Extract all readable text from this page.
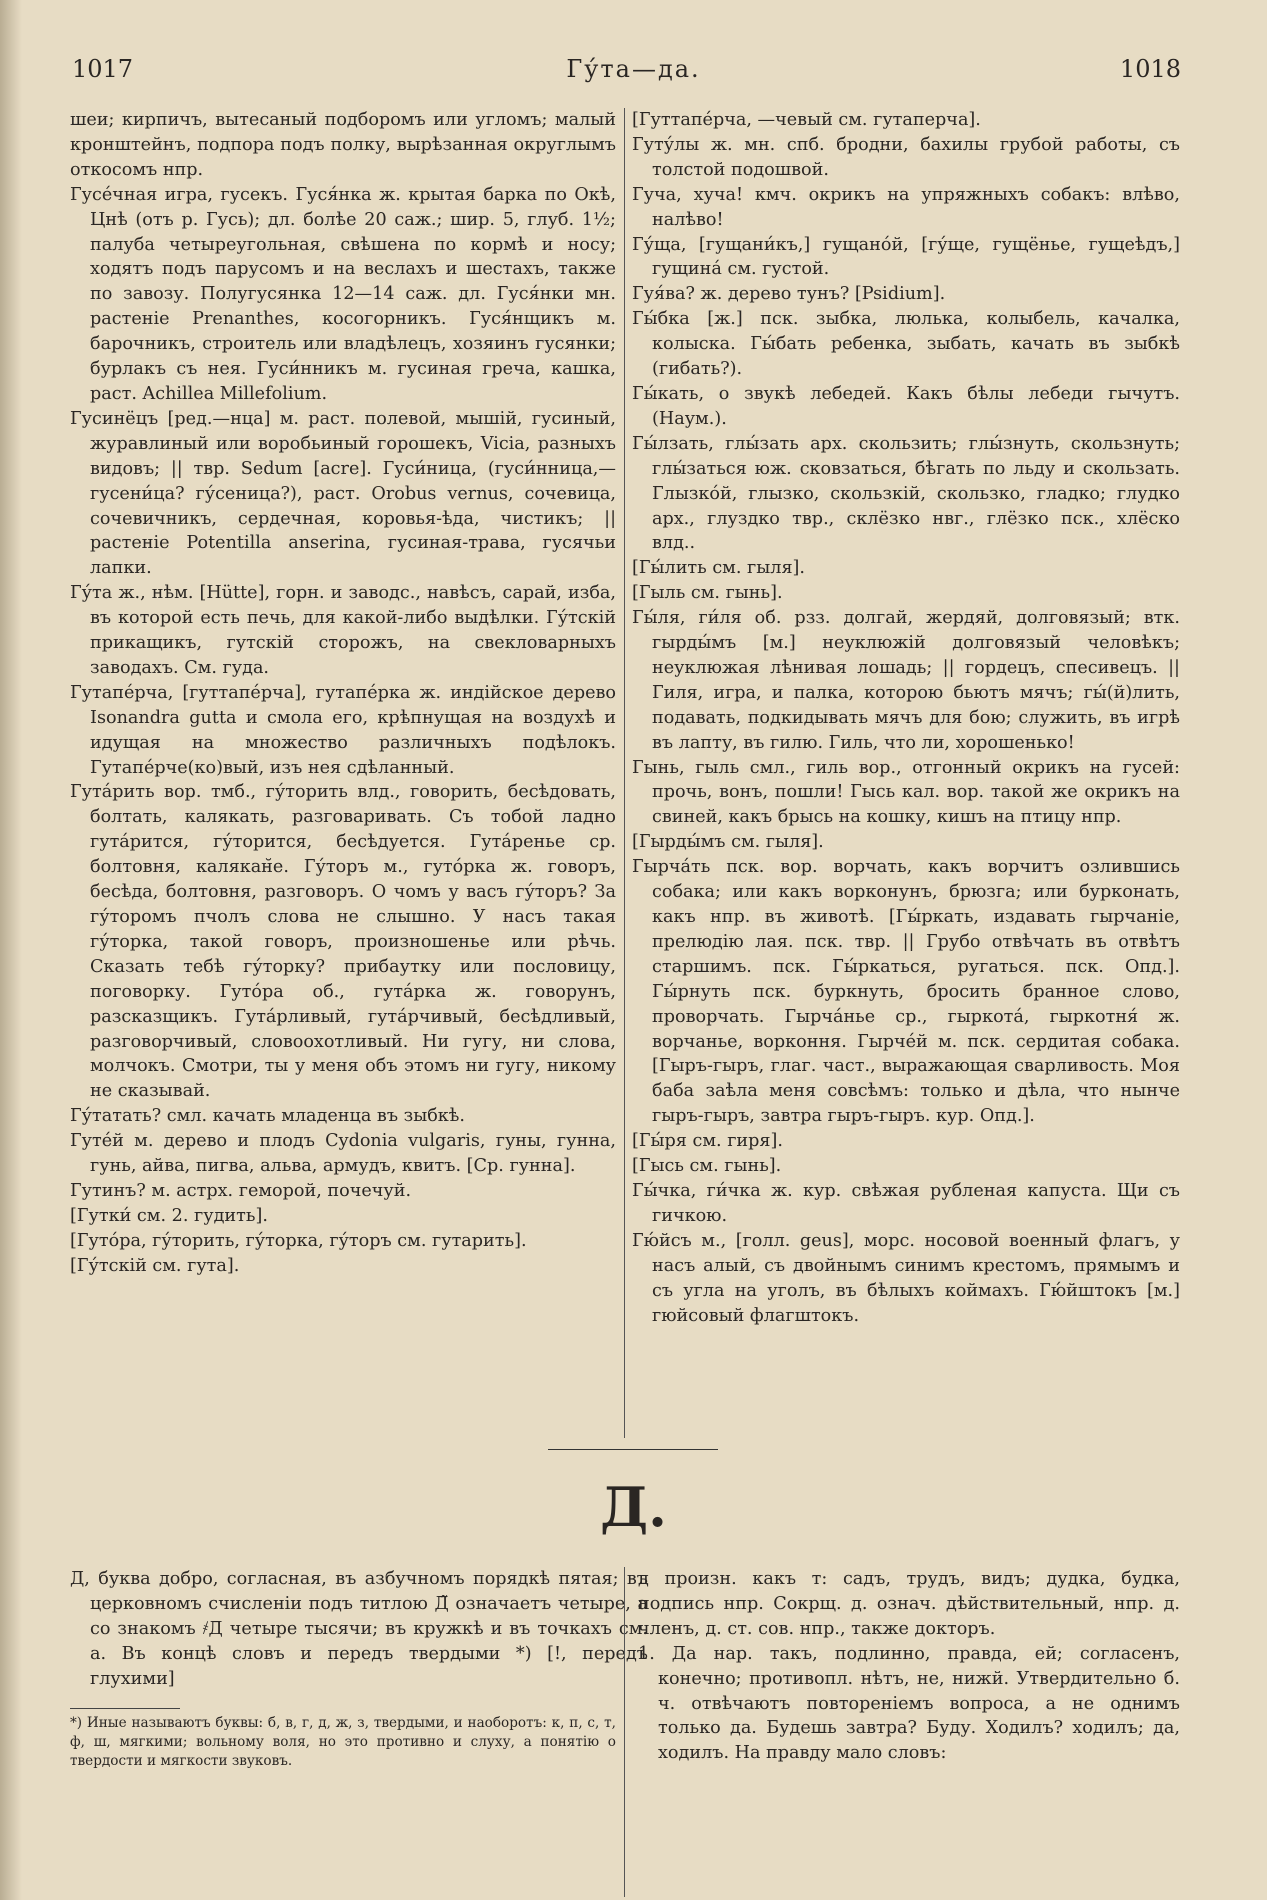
1017	Гу́та—да.	1018

шеи; кирпичъ, вытесаный подборомъ или угломъ; малый кронштейнъ, подпора подъ полку, вырѣзанная округлымъ откосомъ нпр.

Гусе́чная игра, гусекъ. Гуся́нка ж. крытая барка по Окѣ, Цнѣ (отъ р. Гусь); дл. болѣе 20 саж.; шир. 5, глуб. 1½; палуба четыреугольная, свѣшена по кормѣ и носу; ходятъ подъ парусомъ и на веслахъ и шестахъ, также по завозу. Полугусянка 12—14 саж. дл. Гуся́нки мн. растеніе Prenanthes, косогорникъ. Гуся́нщикъ м. барочникъ, строитель или владѣлецъ, хозяинъ гусянки; бурлакъ съ нея. Гуси́нникъ м. гусиная греча, кашка, раст. Achillea Millefolium.

Гусинёцъ [ред.—нца] м. раст. полевой, мышій, гусиный, журавлиный или воробьиный горошекъ, Vicia, разныхъ видовъ; || твр. Sedum [acre]. Гуси́ница, (гуси́нница,—гусени́ца? гу́сеница?), раст. Orobus vernus, сочевица, сочевичникъ, сердечная, коровья-ѣда, чистикъ; || растеніе Potentilla anserina, гусиная-трава, гусячьи лапки.

Гу́та ж., нѣм. [Hütte], горн. и заводс., навѣсъ, сарай, изба, въ которой есть печь, для какой-либо выдѣлки. Гу́тскій прикащикъ, гутскій сторожъ, на свекловарныхъ заводахъ. См. гуда.

Гутапе́рча, [гуттапе́рча], гутапе́рка ж. индійское дерево Isonandra gutta и смола его, крѣпнущая на воздухѣ и идущая на множество различныхъ подѣлокъ. Гутапе́рче(ко)вый, изъ нея сдѣланный.

Гута́рить вор. тмб., гу́торить влд., говорить, бесѣдовать, болтать, калякать, разговаривать. Съ тобой ладно гута́рится, гу́торится, бесѣдуется. Гута́ренье ср. болтовня, калякан̆е. Гу́торъ м., гуто́рка ж. говоръ, бесѣда, болтовня, разговоръ. О чомъ у васъ гу́торъ? За гу́торомъ пчолъ слова не слышно. У насъ такая гу́торка, такой говоръ, произношенье или рѣчь. Сказать тебѣ гу́торку? прибаутку или пословицу, поговорку. Гуто́ра об., гута́рка ж. говорунъ, разсказщикъ. Гута́рливый, гута́рчивый, бесѣдливый, разговорчивый, словоохотливый. Ни гугу, ни слова, молчокъ. Смотри, ты у меня объ этомъ ни гугу, никому не сказывай.

Гу́татать? смл. качать младенца въ зыбкѣ.

Гуте́й м. дерево и плодъ Cydonia vulgaris, гуны, гунна, гунь, айва, пигва, альва, армудъ, квитъ. [Ср. гунна].

Гутинъ? м. астрх. геморой, почечуй.

[Гутки́ см. 2. гудить].

[Гуто́ра, гу́торить, гу́торка, гу́торъ см. гутарить].

[Гу́тскій см. гута].

[Гуттапе́рча, —чевый см. гутаперча].

Гуту́лы ж. мн. спб. бродни, бахилы грубой работы, съ толстой подошвой.

Гуча, хуча! кмч. окрикъ на упряжныхъ собакъ: влѣво, налѣво!

Гу́ща, [гущани́къ,] гущано́й, [гу́ще, гущёнье, гущеѣдъ,] гущина́ см. густой.

Гуя́ва? ж. дерево тунъ? [Psidium].

Гы́бка [ж.] пск. зыбка, люлька, колыбель, качалка, колыска. Гы́бать ребенка, зыбать, качать въ зыбкѣ (гибать?).

Гы́кать, о звукѣ лебедей. Какъ бѣлы лебеди гычутъ. (Наум.).

Гы́лзать, глы́зать арх. скользить; глы́знуть, скользнуть; глы́заться юж. сковзаться, бѣгать по льду и скользать. Глызко́й, глызко, скользкій, скользко, гладко; глудко арх., глуздко твр., склёзко нвг., глёзко пск., хлёско влд..

[Гы́лить см. гыля].

[Гыль см. гынь].

Гы́ля, ги́ля об. рзз. долгай, жердяй, долговязый; втк. гырды́мъ [м.] неуклюжій долговязый человѣкъ; неуклюжая лѣнивая лошадь; || гордецъ, спесивецъ. || Гиля, игра, и палка, которою бьютъ мячъ; гы́(й)лить, подавать, подкидывать мячъ для бою; служить, въ игрѣ въ лапту, въ гилю. Гиль, что ли, хорошенько!

Гынь, гыль смл., гиль вор., отгонный окрикъ на гусей: прочь, вонъ, пошли! Гысь кал. вор. такой же окрикъ на свиней, какъ брысь на кошку, кишъ на птицу нпр.

[Гырды́мъ см. гыля].

Гырча́ть пск. вор. ворчать, какъ ворчитъ озлившись собака; или какъ ворконунъ, брюзга; или бурконать, какъ нпр. въ животѣ. [Гы́ркать, издавать гырчаніе, прелюдію лая. пск. твр. || Грубо отвѣчать въ отвѣтъ старшимъ. пск. Гы́ркаться, ругаться. пск. Опд.]. Гы́рнуть пск. буркнуть, бросить бранное слово, проворчать. Гырча́нье ср., гыркота́, гыркотня́ ж. ворчанье, ворконня. Гырче́й м. пск. сердитая собака. [Гыръ-гыръ, глаг. част., выражающая сварливость. Моя баба заѣла меня совсѣмъ: только и дѣла, что нынче гыръ-гыръ, завтра гыръ-гыръ. кур. Опд.].

[Гы́ря см. гиря].

[Гысь см. гынь].

Гы́чка, ги́чка ж. кур. свѣжая рубленая капуста. Щи съ гичкою.

Гю́йсъ м., [голл. geus], морс. носовой военный флагъ, у насъ алый, съ двойнымъ синимъ крестомъ, прямымъ и съ угла на уголъ, въ бѣлыхъ коймахъ. Гю́йштокъ [м.] гюйсовый флагштокъ.

Д.

Д, буква добро, согласная, въ азбучномъ порядкѣ пятая; въ церковномъ счисленіи подъ титлою Д̃ означаетъ четыре, а со знакомъ ҂Д четыре тысячи; въ кружкѣ и въ точкахъ см. а. Въ концѣ словъ и передъ твердыми *) [!, передъ глухими]

д произн. какъ т: садъ, трудъ, видъ; дудка, будка, подпись нпр. Сокрщ. д. означ. дѣйствительный, нпр. д. членъ, д. ст. сов. нпр., также докторъ.

1. Да нар. такъ, подлинно, правда, ей; согласенъ, конечно; противопл. нѣтъ, не, нижй. Утвердительно б. ч. отвѣчаютъ повтореніемъ вопроса, а не однимъ только да. Будешь завтра? Буду. Ходилъ? ходилъ; да, ходилъ. На правду мало словъ:

*) Иные называютъ буквы: б, в, г, д, ж, з, твердыми, и наоборотъ: к, п, с, т, ф, ш, мягкими; вольному воля, но это противно и слуху, а понятію о твердости и мягкости звуковъ.
